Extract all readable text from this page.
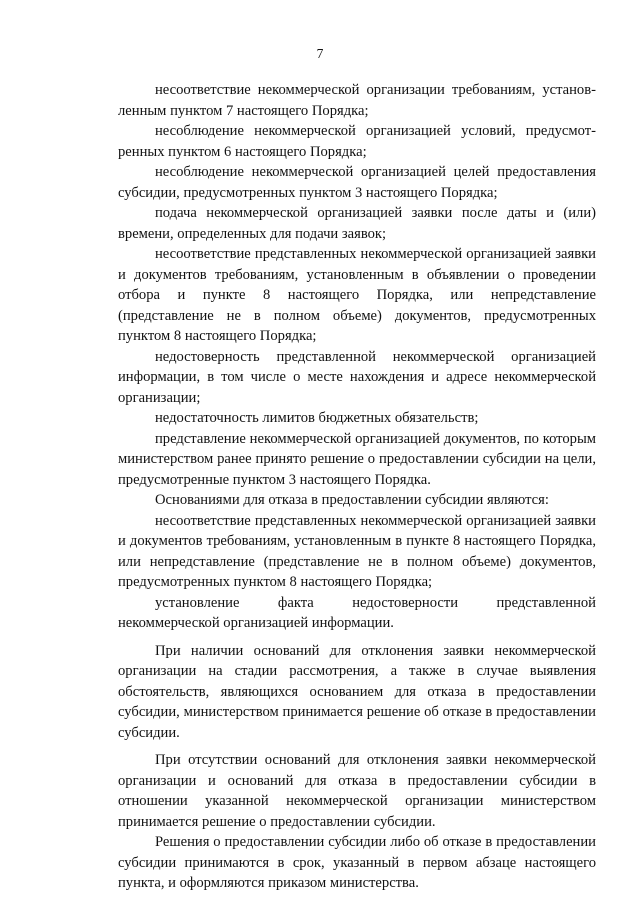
7

несоответствие некоммерческой организации требованиям, установленным пунктом 7 настоящего Порядка;

несоблюдение некоммерческой организацией условий, предусмотренных пунктом 6 настоящего Порядка;

несоблюдение некоммерческой организацией целей предоставления субсидии, предусмотренных пунктом 3 настоящего Порядка;

подача некоммерческой организацией заявки после даты и (или) времени, определенных для подачи заявок;

несоответствие представленных некоммерческой организацией заявки и документов требованиям, установленным в объявлении о проведении отбора и пункте 8 настоящего Порядка, или непредставление (представление не в полном объеме) документов, предусмотренных пунктом 8 настоящего Порядка;

недостоверность представленной некоммерческой организацией информации, в том числе о месте нахождения и адресе некоммерческой организации;

недостаточность лимитов бюджетных обязательств;

представление некоммерческой организацией документов, по которым министерством ранее принято решение о предоставлении субсидии на цели, предусмотренные пунктом 3 настоящего Порядка.

Основаниями для отказа в предоставлении субсидии являются:

несоответствие представленных некоммерческой организацией заявки и документов требованиям, установленным в пункте 8 настоящего Порядка, или непредставление (представление не в полном объеме) документов, предусмотренных пунктом 8 настоящего Порядка;

установление факта недостоверности представленной некоммерческой организацией информации.

При наличии оснований для отклонения заявки некоммерческой организации на стадии рассмотрения, а также в случае выявления обстоятельств, являющихся основанием для отказа в предоставлении субсидии, министерством принимается решение об отказе в предоставлении субсидии.

При отсутствии оснований для отклонения заявки некоммерческой организации и оснований для отказа в предоставлении субсидии в отношении указанной некоммерческой организации министерством принимается решение о предоставлении субсидии.

Решения о предоставлении субсидии либо об отказе в предоставлении субсидии принимаются в срок, указанный в первом абзаце настоящего пункта, и оформляются приказом министерства.
